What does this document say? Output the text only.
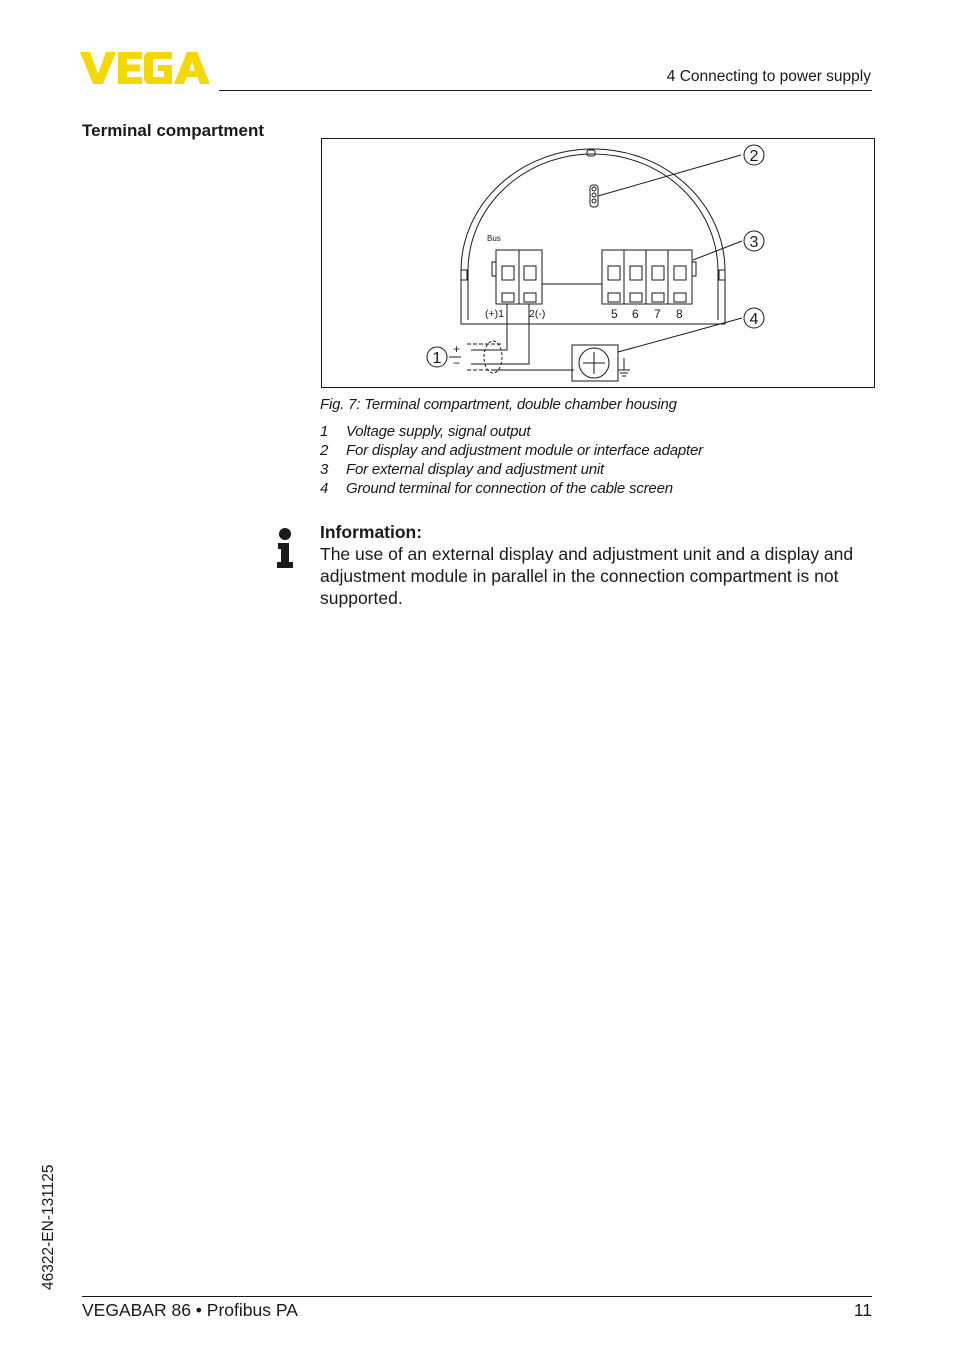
4 Connecting to power supply
Terminal compartment
Bus
(+)1 2(-)	5 6 7 8
+
−
2
3
4
1
Fig. 7: Terminal compartment, double chamber housing
1 Voltage supply, signal output
2 For display and adjustment module or interface adapter
3 For external display and adjustment unit
4 Ground terminal for connection of the cable screen
Information:
The use of an external display and adjustment unit and a display and adjustment module in parallel in the connection compartment is not supported.
46322-EN-131125
VEGABAR 86 • Profibus PA	11
